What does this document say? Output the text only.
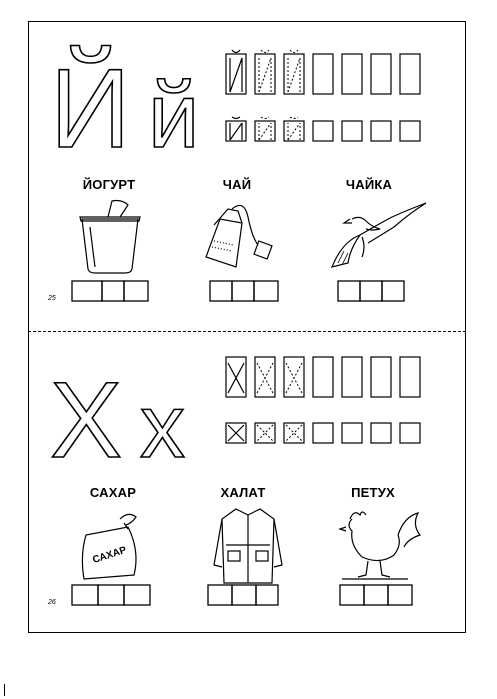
Й й
ЙОГУРТ	ЧАЙ	ЧАЙКА
25
Х х
САХАР	ХАЛАТ	ПЕТУХ
САХАР
26
